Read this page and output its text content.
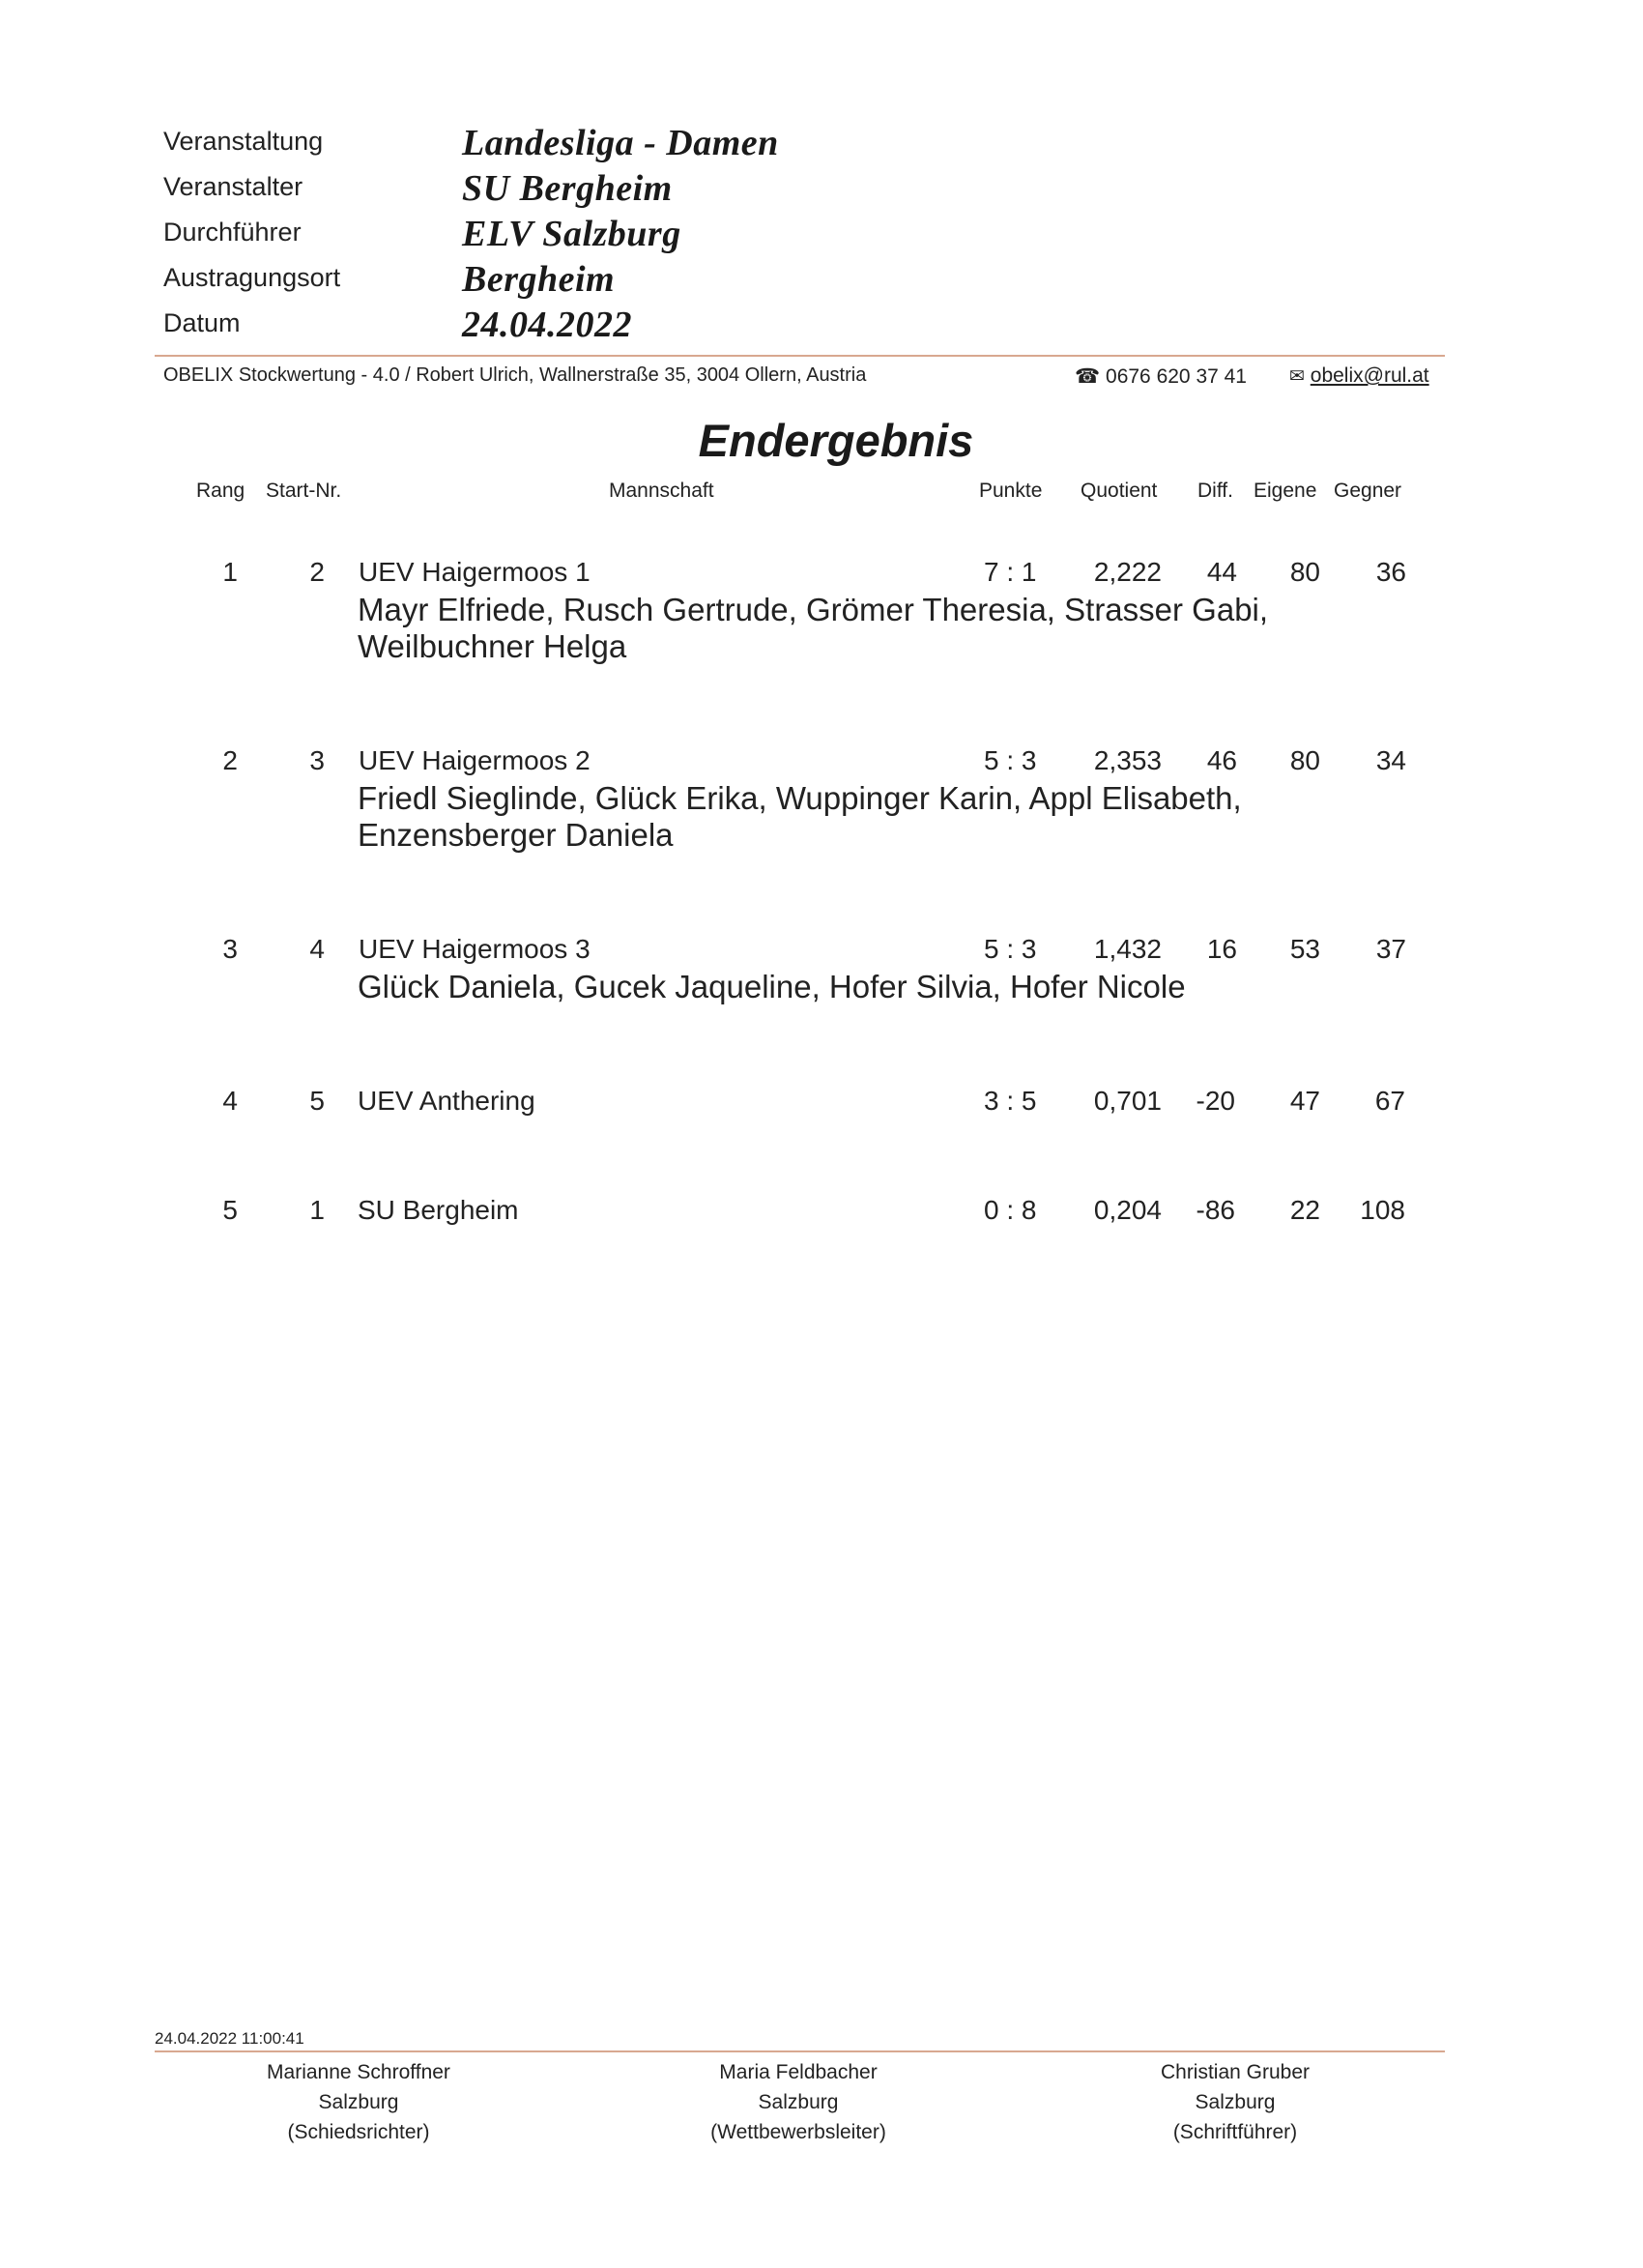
Veranstaltung	Landesliga - Damen
Veranstalter	SU Bergheim
Durchführer	ELV Salzburg
Austragungsort	Bergheim
Datum	24.04.2022
OBELIX Stockwertung - 4.0 / Robert Ulrich, Wallnerstraße 35, 3004 Ollern, Austria	☎ 0676 620 37 41 ✉ obelix@rul.at
Endergebnis
Rang Start-Nr.	Mannschaft	Punkte Quotient Diff. Eigene Gegner
1	2 UEV Haigermoos 1	7 : 1	2,222	44	80	36
Mayr Elfriede, Rusch Gertrude, Grömer Theresia, Strasser Gabi,
Weilbuchner Helga
2	3 UEV Haigermoos 2	5 : 3	2,353	46	80	34
Friedl Sieglinde, Glück Erika, Wuppinger Karin, Appl Elisabeth,
Enzensberger Daniela
3	4 UEV Haigermoos 3	5 : 3	1,432	16	53	37
Glück Daniela, Gucek Jaqueline, Hofer Silvia, Hofer Nicole
4	5 UEV Anthering	3 : 5	0,701	-20	47	67
5	1 SU Bergheim	0 : 8	0,204	-86	22	108
24.04.2022 11:00:41
Marianne Schroffner
Salzburg
(Schiedsrichter)
Maria Feldbacher
Salzburg
(Wettbewerbsleiter)
Christian Gruber
Salzburg
(Schriftführer)
